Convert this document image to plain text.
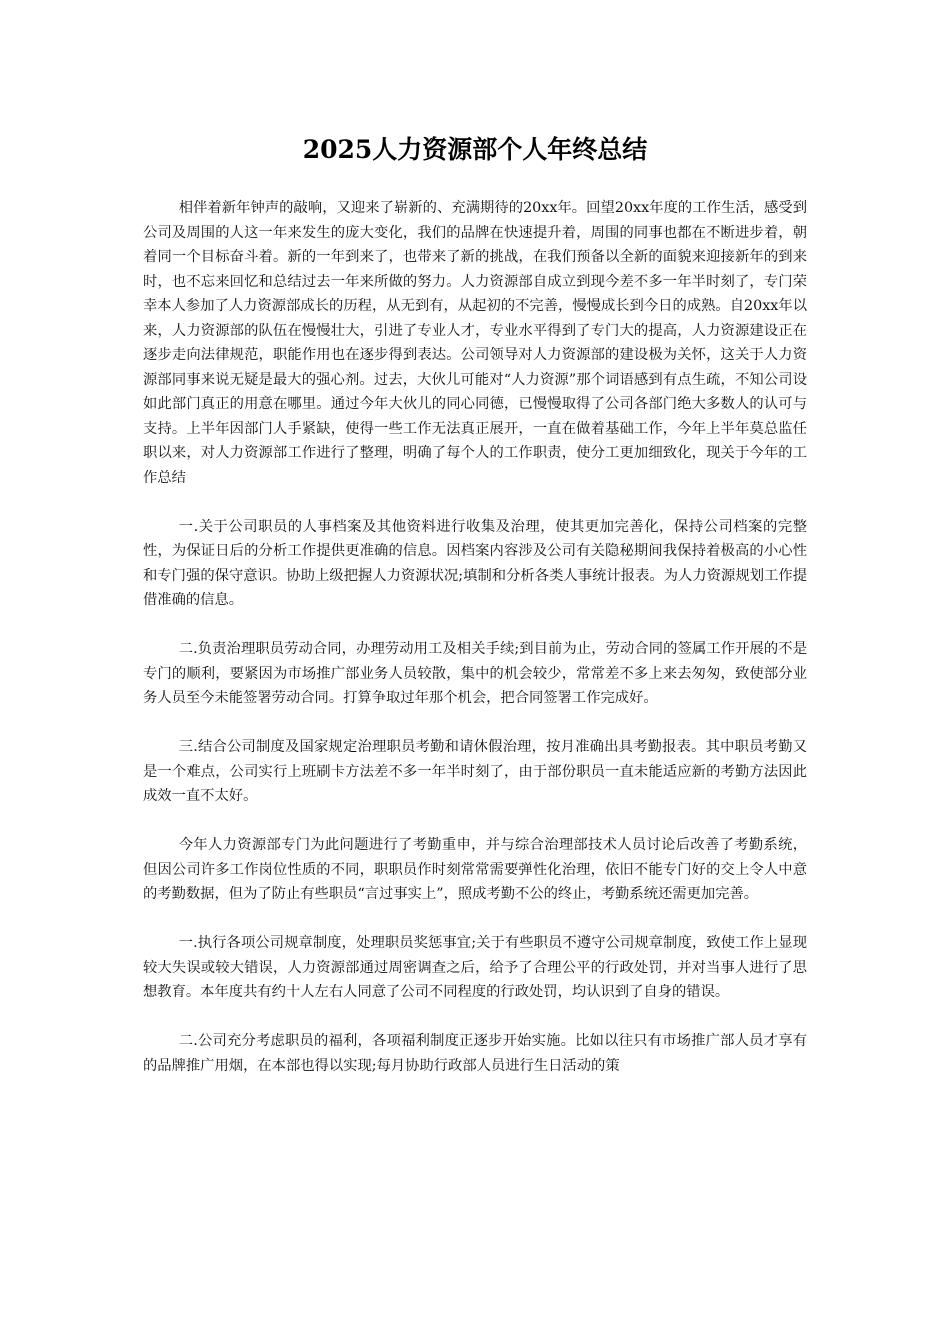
2025人力资源部个人年终总结

相伴着新年钟声的敲响，又迎来了崭新的、充满期待的20xx年。回望20xx年度的工作生活，感受到公司及周围的人这一年来发生的庞大变化，我们的品牌在快速提升着，周围的同事也都在不断进步着，朝着同一个目标奋斗着。新的一年到来了，也带来了新的挑战，在我们预备以全新的面貌来迎接新年的到来时，也不忘来回忆和总结过去一年来所做的努力。人力资源部自成立到现今差不多一年半时刻了，专门荣幸本人参加了人力资源部成长的历程，从无到有，从起初的不完善，慢慢成长到今日的成熟。自20xx年以来，人力资源部的队伍在慢慢壮大，引进了专业人才，专业水平得到了专门大的提高，人力资源建设正在逐步走向法律规范，职能作用也在逐步得到表达。公司领导对人力资源部的建设极为关怀，这关于人力资源部同事来说无疑是最大的强心剂。过去，大伙儿可能对“人力资源”那个词语感到有点生疏，不知公司设如此部门真正的用意在哪里。通过今年大伙儿的同心同德，已慢慢取得了公司各部门绝大多数人的认可与支持。上半年因部门人手紧缺，使得一些工作无法真正展开，一直在做着基础工作，今年上半年莫总监任职以来，对人力资源部工作进行了整理，明确了每个人的工作职责，使分工更加细致化，现关于今年的工作总结

一.关于公司职员的人事档案及其他资料进行收集及治理，使其更加完善化，保持公司档案的完整性，为保证日后的分析工作提供更准确的信息。因档案内容涉及公司有关隐秘期间我保持着极高的小心性和专门强的保守意识。协助上级把握人力资源状况;填制和分析各类人事统计报表。为人力资源规划工作提借准确的信息。

二.负责治理职员劳动合同，办理劳动用工及相关手续;到目前为止，劳动合同的签属工作开展的不是专门的顺利，要紧因为市场推广部业务人员较散，集中的机会较少，常常差不多上来去匆匆，致使部分业务人员至今未能签署劳动合同。打算争取过年那个机会，把合同签署工作完成好。

三.结合公司制度及国家规定治理职员考勤和请休假治理，按月准确出具考勤报表。其中职员考勤又是一个难点，公司实行上班刷卡方法差不多一年半时刻了，由于部份职员一直未能适应新的考勤方法因此成效一直不太好。

今年人力资源部专门为此问题进行了考勤重申，并与综合治理部技术人员讨论后改善了考勤系统，但因公司许多工作岗位性质的不同，职职员作时刻常常需要弹性化治理，依旧不能专门好的交上令人中意的考勤数据，但为了防止有些职员“言过事实上”，照成考勤不公的终止，考勤系统还需更加完善。

一.执行各项公司规章制度，处理职员奖惩事宜;关于有些职员不遵守公司规章制度，致使工作上显现较大失误或较大错误，人力资源部通过周密调查之后，给予了合理公平的行政处罚，并对当事人进行了思想教育。本年度共有约十人左右人同意了公司不同程度的行政处罚，均认识到了自身的错误。

二.公司充分考虑职员的福利，各项福利制度正逐步开始实施。比如以往只有市场推广部人员才享有的品牌推广用烟，在本部也得以实现;每月协助行政部人员进行生日活动的策
